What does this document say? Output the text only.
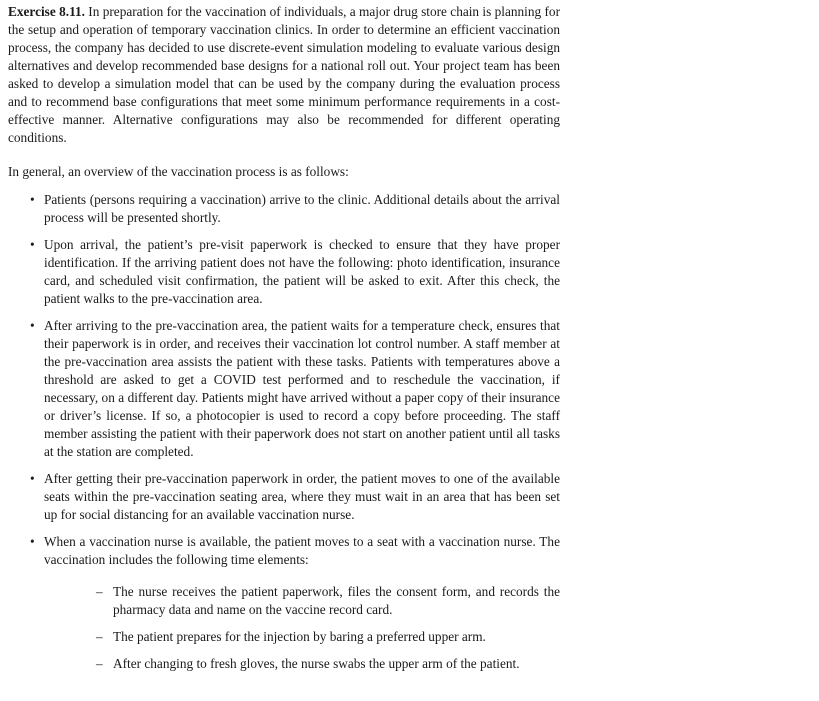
Exercise 8.11. In preparation for the vaccination of individuals, a major drug store chain is planning for the setup and operation of temporary vaccination clinics. In order to determine an efficient vaccination process, the company has decided to use discrete-event simulation modeling to evaluate various design alternatives and develop recommended base designs for a national roll out. Your project team has been asked to develop a simulation model that can be used by the company during the evaluation process and to recommend base configurations that meet some minimum performance requirements in a cost-effective manner. Alternative configurations may also be recommended for different operating conditions.

In general, an overview of the vaccination process is as follows:

• Patients (persons requiring a vaccination) arrive to the clinic. Additional details about the arrival process will be presented shortly.
• Upon arrival, the patient’s pre-visit paperwork is checked to ensure that they have proper identification. If the arriving patient does not have the following: photo identification, insurance card, and scheduled visit confirmation, the patient will be asked to exit. After this check, the patient walks to the pre-vaccination area.
• After arriving to the pre-vaccination area, the patient waits for a temperature check, ensures that their paperwork is in order, and receives their vaccination lot control number. A staff member at the pre-vaccination area assists the patient with these tasks. Patients with temperatures above a threshold are asked to get a COVID test performed and to reschedule the vaccination, if necessary, on a different day. Patients might have arrived without a paper copy of their insurance or driver’s license. If so, a photocopier is used to record a copy before proceeding. The staff member assisting the patient with their paperwork does not start on another patient until all tasks at the station are completed.
• After getting their pre-vaccination paperwork in order, the patient moves to one of the available seats within the pre-vaccination seating area, where they must wait in an area that has been set up for social distancing for an available vaccination nurse.
• When a vaccination nurse is available, the patient moves to a seat with a vaccination nurse. The vaccination includes the following time elements:
– The nurse receives the patient paperwork, files the consent form, and records the pharmacy data and name on the vaccine record card.
– The patient prepares for the injection by baring a preferred upper arm.
– After changing to fresh gloves, the nurse swabs the upper arm of the patient.
